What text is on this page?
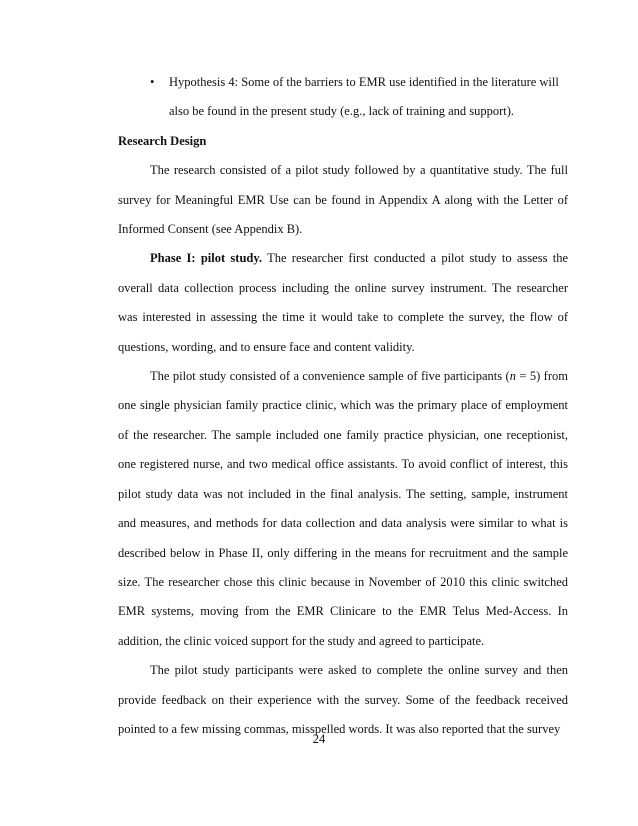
• Hypothesis 4: Some of the barriers to EMR use identified in the literature will also be found in the present study (e.g., lack of training and support).

Research Design

The research consisted of a pilot study followed by a quantitative study. The full survey for Meaningful EMR Use can be found in Appendix A along with the Letter of Informed Consent (see Appendix B).

Phase I: pilot study. The researcher first conducted a pilot study to assess the overall data collection process including the online survey instrument. The researcher was interested in assessing the time it would take to complete the survey, the flow of questions, wording, and to ensure face and content validity.

The pilot study consisted of a convenience sample of five participants (n = 5) from one single physician family practice clinic, which was the primary place of employment of the researcher. The sample included one family practice physician, one receptionist, one registered nurse, and two medical office assistants. To avoid conflict of interest, this pilot study data was not included in the final analysis. The setting, sample, instrument and measures, and methods for data collection and data analysis were similar to what is described below in Phase II, only differing in the means for recruitment and the sample size. The researcher chose this clinic because in November of 2010 this clinic switched EMR systems, moving from the EMR Clinicare to the EMR Telus Med-Access. In addition, the clinic voiced support for the study and agreed to participate.

The pilot study participants were asked to complete the online survey and then provide feedback on their experience with the survey. Some of the feedback received pointed to a few missing commas, misspelled words. It was also reported that the survey

24
